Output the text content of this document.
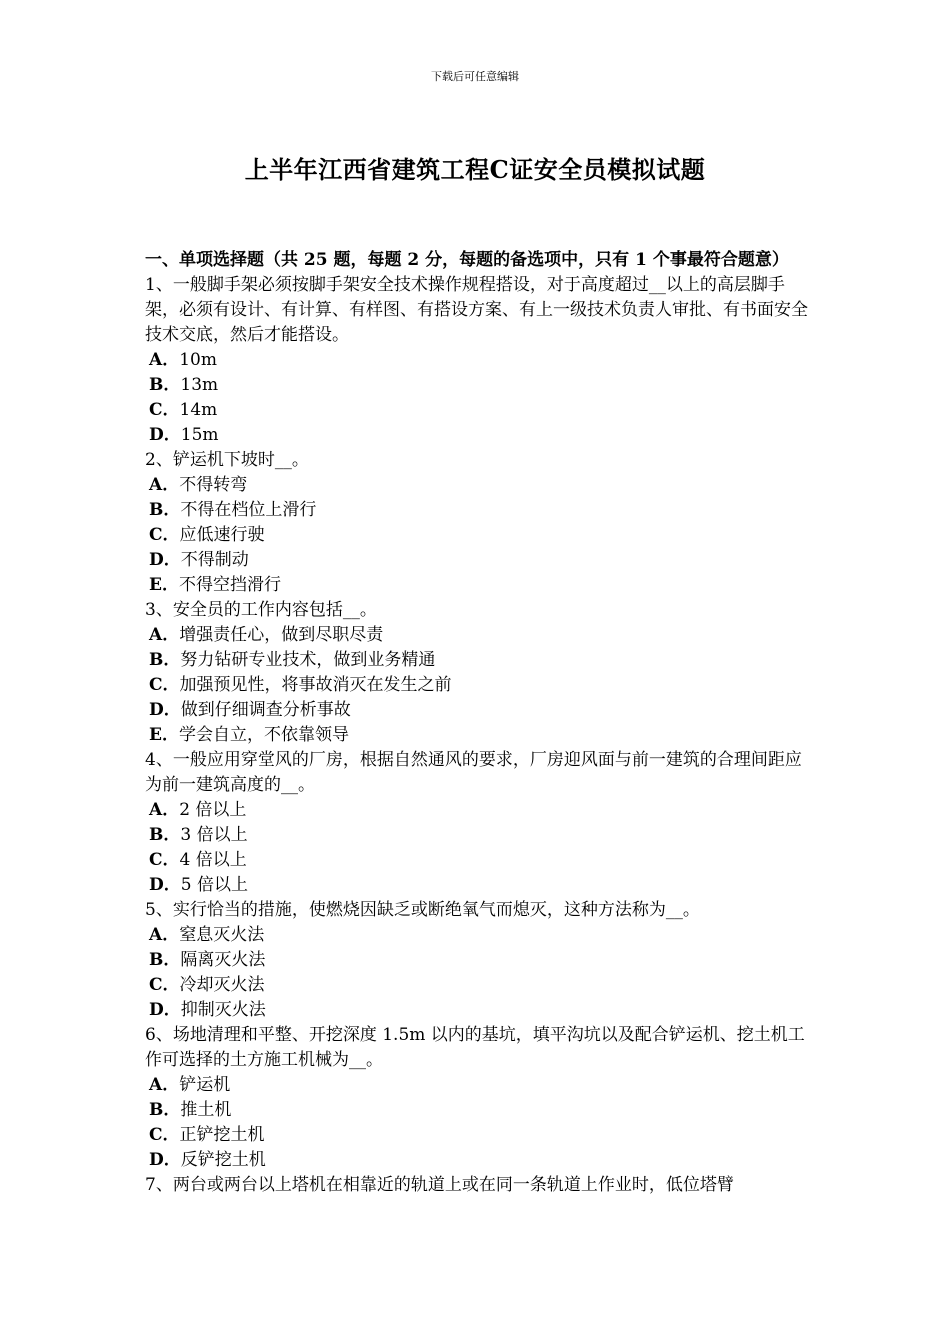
下载后可任意编辑
上半年江西省建筑工程C证安全员模拟试题
一、单项选择题（共 25 题，每题 2 分，每题的备选项中，只有 1 个事最符合题意）
1、一般脚手架必须按脚手架安全技术操作规程搭设，对于高度超过__以上的高层脚手架，必须有设计、有计算、有样图、有搭设方案、有上一级技术负责人审批、有书面安全技术交底，然后才能搭设。
A．10m
B．13m
C．14m
D．15m
2、铲运机下坡时__。
A．不得转弯
B．不得在档位上滑行
C．应低速行驶
D．不得制动
E．不得空挡滑行
3、安全员的工作内容包括__。
A．增强责任心，做到尽职尽责
B．努力钻研专业技术，做到业务精通
C．加强预见性，将事故消灭在发生之前
D．做到仔细调查分析事故
E．学会自立，不依靠领导
4、一般应用穿堂风的厂房，根据自然通风的要求，厂房迎风面与前一建筑的合理间距应为前一建筑高度的__。
A．2 倍以上
B．3 倍以上
C．4 倍以上
D．5 倍以上
5、实行恰当的措施，使燃烧因缺乏或断绝氧气而熄灭，这种方法称为__。
A．窒息灭火法
B．隔离灭火法
C．冷却灭火法
D．抑制灭火法
6、场地清理和平整、开挖深度 1.5m 以内的基坑，填平沟坑以及配合铲运机、挖土机工作可选择的土方施工机械为__。
A．铲运机
B．推土机
C．正铲挖土机
D．反铲挖土机
7、两台或两台以上塔机在相靠近的轨道上或在同一条轨道上作业时，低位塔臂
